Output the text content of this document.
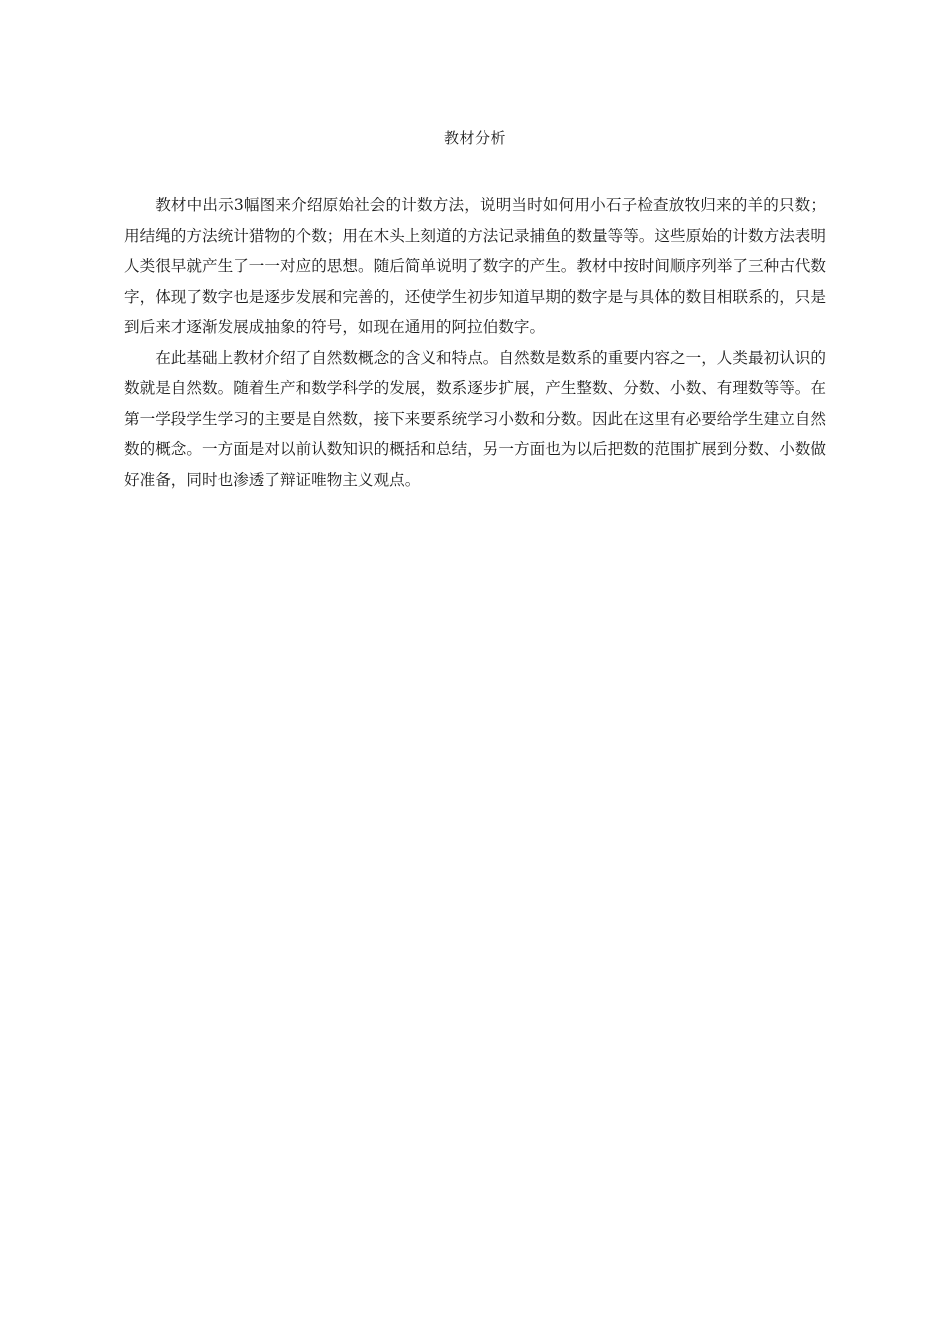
教材分析

教材中出示3幅图来介绍原始社会的计数方法，说明当时如何用小石子检查放牧归来的羊的只数；用结绳的方法统计猎物的个数；用在木头上刻道的方法记录捕鱼的数量等等。这些原始的计数方法表明人类很早就产生了一一对应的思想。随后简单说明了数字的产生。教材中按时间顺序列举了三种古代数字，体现了数字也是逐步发展和完善的，还使学生初步知道早期的数字是与具体的数目相联系的，只是到后来才逐渐发展成抽象的符号，如现在通用的阿拉伯数字。

在此基础上教材介绍了自然数概念的含义和特点。自然数是数系的重要内容之一，人类最初认识的数就是自然数。随着生产和数学科学的发展，数系逐步扩展，产生整数、分数、小数、有理数等等。在第一学段学生学习的主要是自然数，接下来要系统学习小数和分数。因此在这里有必要给学生建立自然数的概念。一方面是对以前认数知识的概括和总结，另一方面也为以后把数的范围扩展到分数、小数做好准备，同时也渗透了辩证唯物主义观点。
